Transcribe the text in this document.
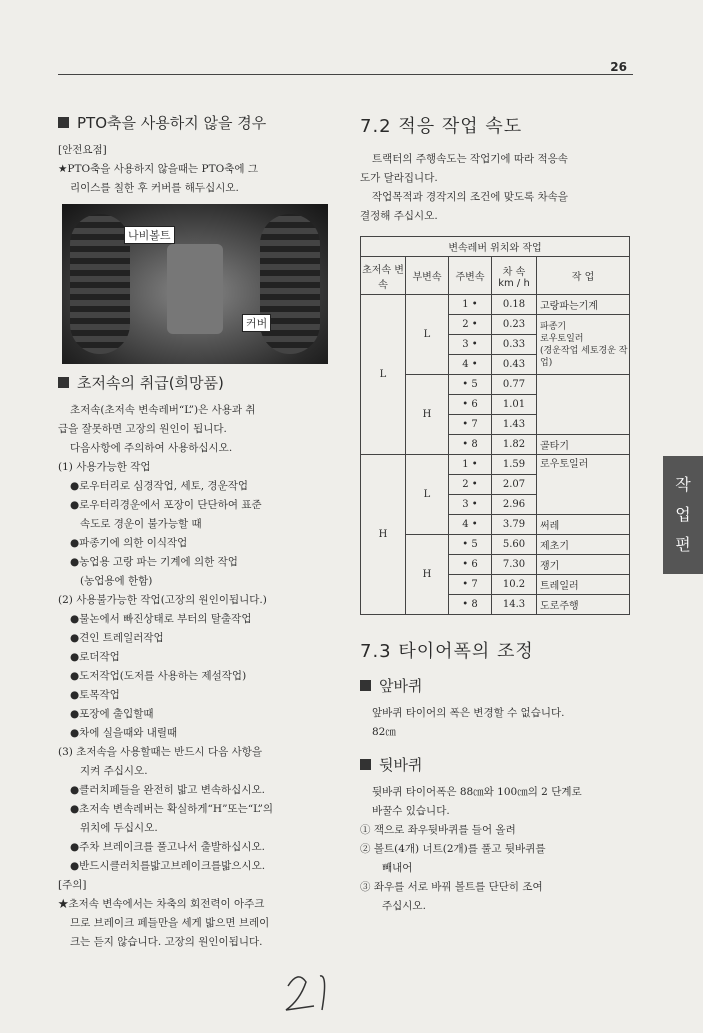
26
PTO축을 사용하지 않을 경우

[안전요점]

★PTO축을 사용하지 않을때는 PTO축에 그

리이스를 칠한 후 커버를 해두십시오.

나비볼트
커버
초저속의 취급(희망품)

초저속(초저속 변속레버“L”)은 사용과 취

급을 잘못하면 고장의 원인이 됩니다.

다음사항에 주의하여 사용하십시오.

(1) 사용가능한 작업

●로우터리로 심경작업, 세토, 경운작업

●로우터리경운에서 포장이 단단하여 표준

속도로 경운이 불가능할 때

●파종기에 의한 이식작업

●농업용 고랑 파는 기계에 의한 작업

(농업용에 한함)

(2) 사용불가능한 작업(고장의 원인이됩니다.)

●물논에서 빠진상태로 부터의 탈출작업

●견인 트레일러작업

●로더작업

●도저작업(도저를 사용하는 제설작업)

●토목작업

●포장에 출입할때

●차에 실을때와 내릴때

(3) 초저속을 사용할때는 반드시 다음 사항을

지켜 주십시오.

●클러치페들을 완전히 밟고 변속하십시오.

●초저속 변속레버는 확실하게“H”또는“L”의

위치에 두십시오.

●주차 브레이크를 풀고나서 출발하십시오.

●반드시클러치를밟고브레이크를밟으시오.

[주의]

★초저속 변속에서는 차축의 회전력이 아주크

므로 브레이크 페들만을 세게 밟으면 브레이

크는 듣지 않습니다. 고장의 원인이됩니다.

7.2 적응 작업 속도

트랙터의 주행속도는 작업기에 따라 적응속

도가 달라집니다.

작업목적과 경작지의 조건에 맞도록 차속을

결정해 주십시오.

변속레버 위치와 작업				
초저속 변 속	부변속	주변속	차 속
km / h	작 업
L	L	1 •	0.18	고랑파는기계
		2 •	0.23	파종기
로우토일러
(경운작업 세토경운 작업)
		3 •	0.33	
		4 •	0.43	
	H	• 5	0.77	
		• 6	1.01	
		• 7	1.43	
		• 8	1.82	골타기
H	L	1 •	1.59	로우토일러
		2 •	2.07	
		3 •	2.96	
		4 •	3.79	써레
	H	• 5	5.60	제초기
		• 6	7.30	쟁기
		• 7	10.2	트레일러
		• 8	14.3	도로주행
7.3 타이어폭의 조정
앞바퀴

앞바퀴 타이어의 폭은 변경할 수 없습니다.

82㎝

뒷바퀴

뒷바퀴 타이어폭은 88㎝와 100㎝의 2 단계로

바꿀수 있습니다.

① 잭으로 좌우뒷바퀴를 들어 올려

② 볼트(4개) 너트(2개)를 풀고 뒷바퀴를

빼내어

③ 좌우를 서로 바꿔 볼트를 단단히 조여

주십시오.

작
업
편
